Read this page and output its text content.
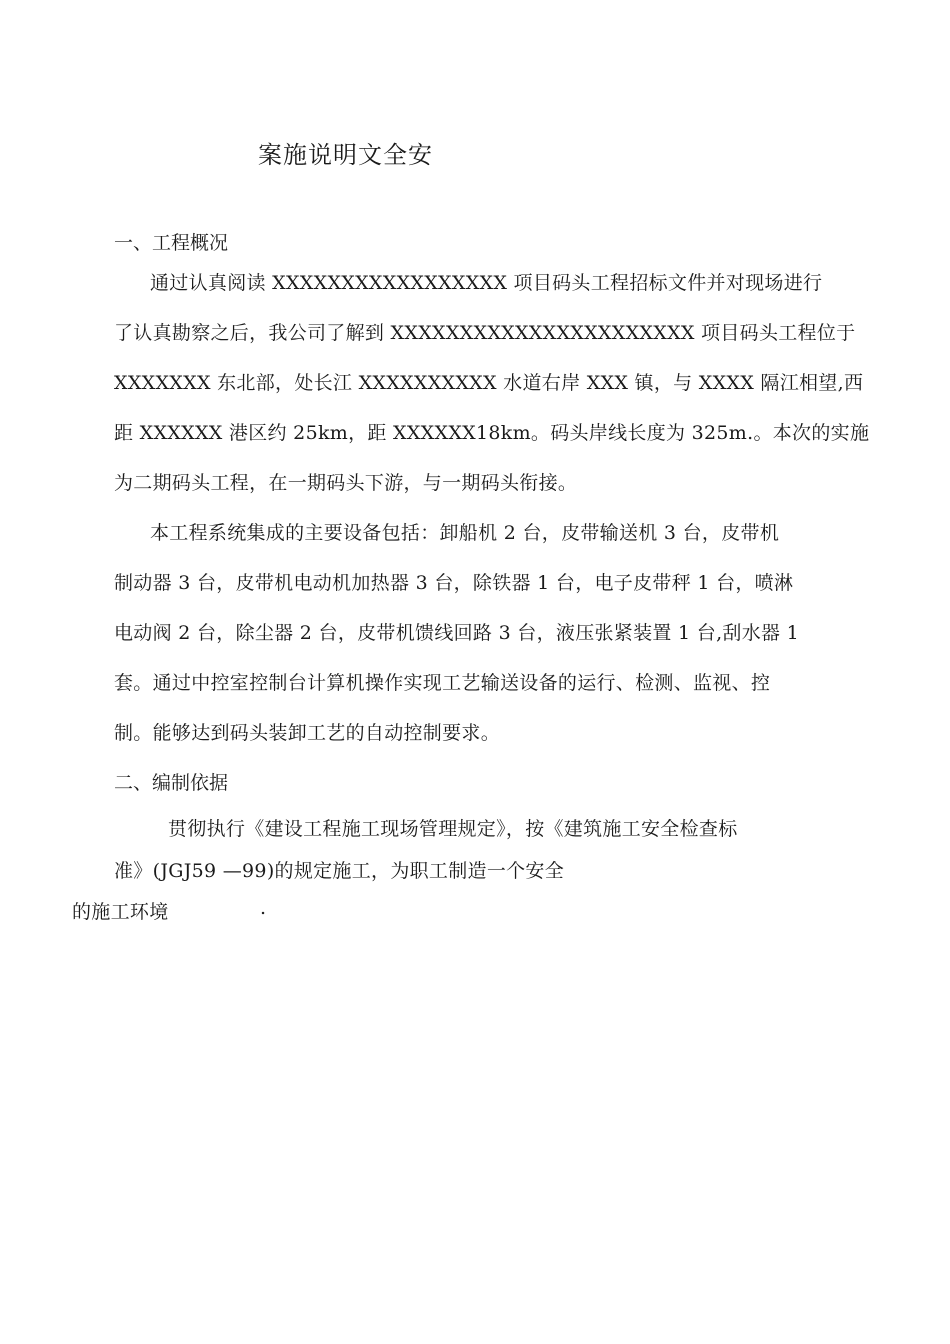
案施说明文全安
一、工程概况
通过认真阅读 XXXXXXXXXXXXXXXXX 项目码头工程招标文件并对现场进行
了认真勘察之后，我公司了解到 XXXXXXXXXXXXXXXXXXXXXX 项目码头工程位于
XXXXXXX 东北部，处长江 XXXXXXXXXX 水道右岸 XXX 镇，与 XXXX 隔江相望,西
距 XXXXXX 港区约 25km，距 XXXXXX18km。码头岸线长度为 325m.。本次的实施
为二期码头工程，在一期码头下游，与一期码头衔接。
本工程系统集成的主要设备包括：卸船机 2 台，皮带输送机 3 台，皮带机
制动器 3 台，皮带机电动机加热器 3 台，除铁器 1 台，电子皮带秤 1 台，喷淋
电动阀 2 台，除尘器 2 台，皮带机馈线回路 3 台，液压张紧装置 1 台,刮水器 1
套。通过中控室控制台计算机操作实现工艺输送设备的运行、检测、监视、控
制。能够达到码头装卸工艺的自动控制要求。
二、编制依据
贯彻执行《建设工程施工现场管理规定》，按《建筑施工安全检查标
准》(JGJ59 —99)的规定施工，为职工制造一个安全
的施工环境	.
